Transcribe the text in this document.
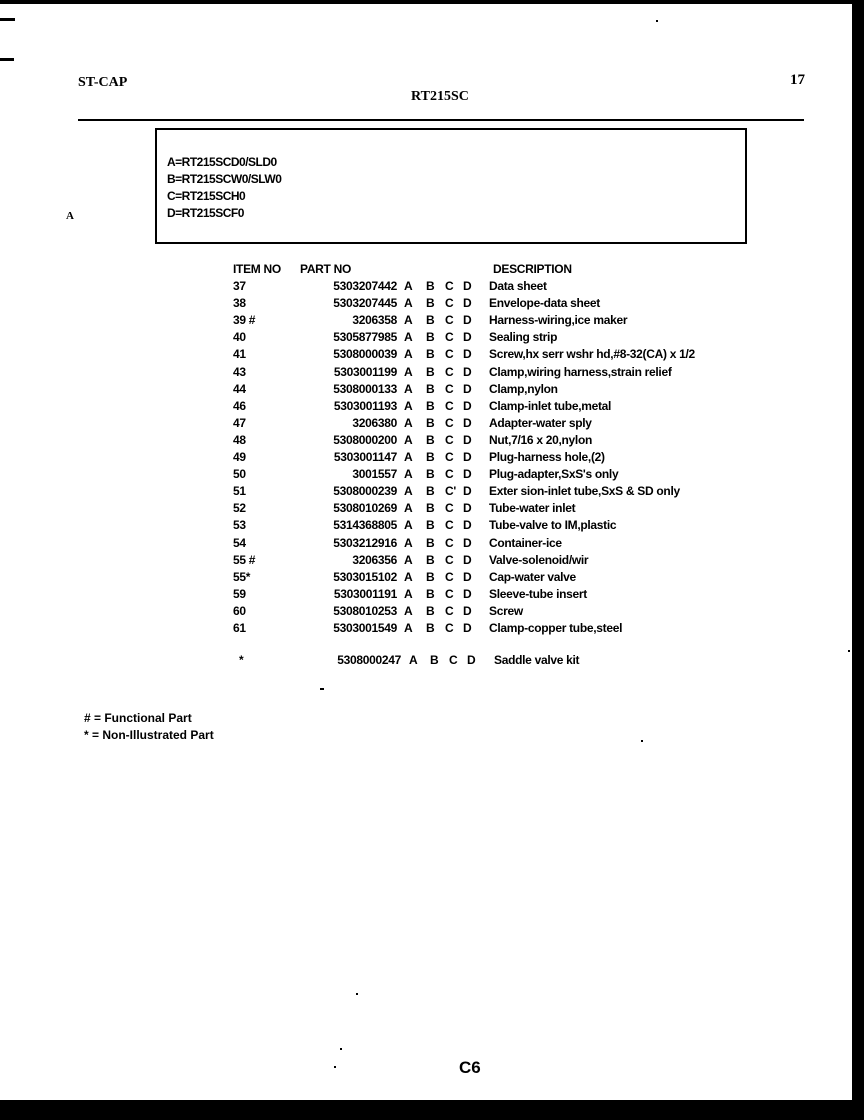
ST-CAP
RT215SC
17
A=RT215SCD0/SLD0
B=RT215SCW0/SLW0
C=RT215SCH0
D=RT215SCF0
A
ITEM NO PART NO	DESCRIPTION
37	5303207442 A B C D Data sheet
38	5303207445 A B C D Envelope-data sheet
39 #	3206358 A B C D Harness-wiring,ice maker
40	5305877985 A B C D Sealing strip
41	5308000039 A B C D Screw,hx serr wshr hd,#8-32(CA) x 1/2
43	5303001199 A B C D Clamp,wiring harness,strain relief
44	5308000133 A B C D Clamp,nylon
46	5303001193 A B C D Clamp-inlet tube,metal
47	3206380 A B C D Adapter-water sply
48	5308000200 A B C D Nut,7/16 x 20,nylon
49	5303001147 A B C D Plug-harness hole,(2)
50	3001557 A B C D Plug-adapter,SxS's only
51	5308000239 A B C' D Exter sion-inlet tube,SxS & SD only
52	5308010269 A B C D Tube-water inlet
53	5314368805 A B C D Tube-valve to IM,plastic
54	5303212916 A B C D Container-ice
55 #	3206356 A B C D Valve-solenoid/wir
55*	5303015102 A B C D Cap-water valve
59	5303001191 A B C D Sleeve-tube insert
60	5308010253 A B C D Screw
61	5303001549 A B C D Clamp-copper tube,steel
*	5308000247 A B C D Saddle valve kit
# = Functional Part
* = Non-Illustrated Part
C6
